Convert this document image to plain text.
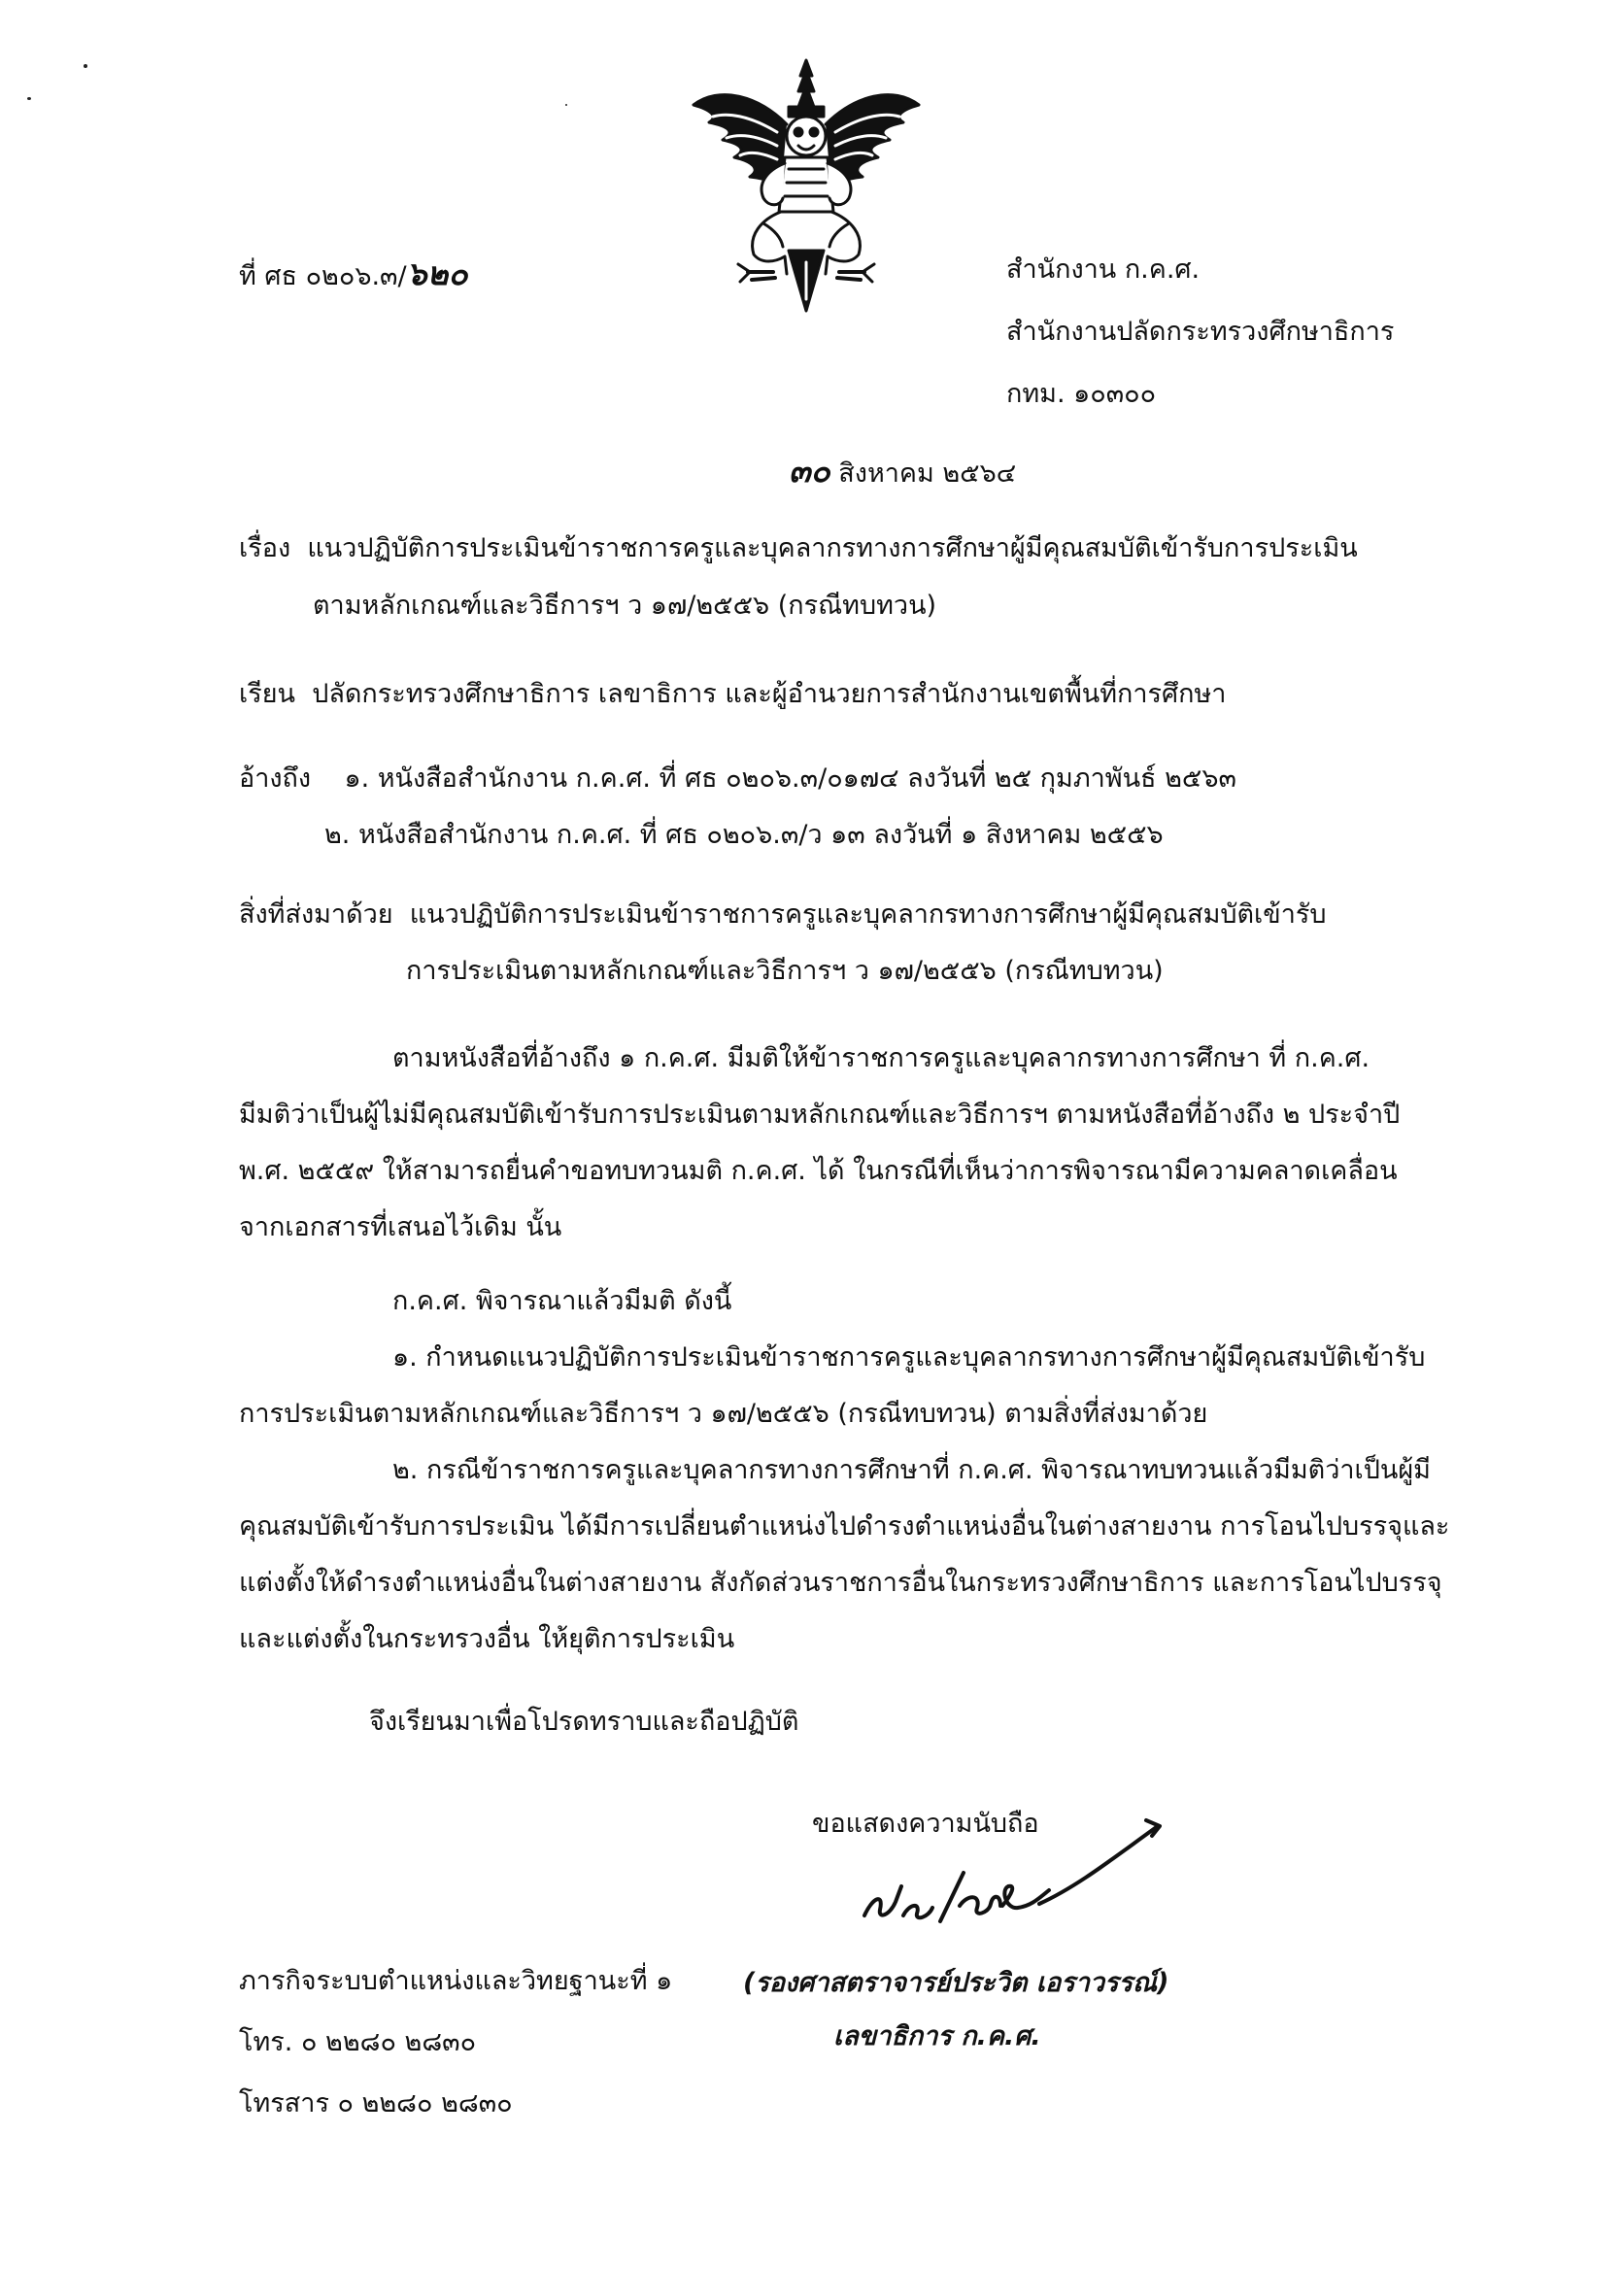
ที่ ศธ ๐๒๐๖.๓/๖๒๐	สำนักงาน ก.ค.ศ.
สำนักงานปลัดกระทรวงศึกษาธิการ
กทม. ๑๐๓๐๐
๓๐ สิงหาคม ๒๕๖๔
เรื่อง แนวปฏิบัติการประเมินข้าราชการครูและบุคลากรทางการศึกษาผู้มีคุณสมบัติเข้ารับการประเมิน
ตามหลักเกณฑ์และวิธีการฯ ว ๑๗/๒๕๕๖ (กรณีทบทวน)
เรียน ปลัดกระทรวงศึกษาธิการ เลขาธิการ และผู้อำนวยการสำนักงานเขตพื้นที่การศึกษา
อ้างถึง ๑. หนังสือสำนักงาน ก.ค.ศ. ที่ ศธ ๐๒๐๖.๓/๐๑๗๔ ลงวันที่ ๒๕ กุมภาพันธ์ ๒๕๖๓
๒. หนังสือสำนักงาน ก.ค.ศ. ที่ ศธ ๐๒๐๖.๓/ว ๑๓ ลงวันที่ ๑ สิงหาคม ๒๕๕๖
สิ่งที่ส่งมาด้วย แนวปฏิบัติการประเมินข้าราชการครูและบุคลากรทางการศึกษาผู้มีคุณสมบัติเข้ารับ
การประเมินตามหลักเกณฑ์และวิธีการฯ ว ๑๗/๒๕๕๖ (กรณีทบทวน)
ตามหนังสือที่อ้างถึง ๑ ก.ค.ศ. มีมติให้ข้าราชการครูและบุคลากรทางการศึกษา ที่ ก.ค.ศ.
มีมติว่าเป็นผู้ไม่มีคุณสมบัติเข้ารับการประเมินตามหลักเกณฑ์และวิธีการฯ ตามหนังสือที่อ้างถึง ๒ ประจำปี
พ.ศ. ๒๕๕๙ ให้สามารถยื่นคำขอทบทวนมติ ก.ค.ศ. ได้ ในกรณีที่เห็นว่าการพิจารณามีความคลาดเคลื่อน
จากเอกสารที่เสนอไว้เดิม นั้น
ก.ค.ศ. พิจารณาแล้วมีมติ ดังนี้
๑. กำหนดแนวปฏิบัติการประเมินข้าราชการครูและบุคลากรทางการศึกษาผู้มีคุณสมบัติเข้ารับ
การประเมินตามหลักเกณฑ์และวิธีการฯ ว ๑๗/๒๕๕๖ (กรณีทบทวน) ตามสิ่งที่ส่งมาด้วย
๒. กรณีข้าราชการครูและบุคลากรทางการศึกษาที่ ก.ค.ศ. พิจารณาทบทวนแล้วมีมติว่าเป็นผู้มี
คุณสมบัติเข้ารับการประเมิน ได้มีการเปลี่ยนตำแหน่งไปดำรงตำแหน่งอื่นในต่างสายงาน การโอนไปบรรจุและ
แต่งตั้งให้ดำรงตำแหน่งอื่นในต่างสายงาน สังกัดส่วนราชการอื่นในกระทรวงศึกษาธิการ และการโอนไปบรรจุ
และแต่งตั้งในกระทรวงอื่น ให้ยุติการประเมิน
จึงเรียนมาเพื่อโปรดทราบและถือปฏิบัติ
ขอแสดงความนับถือ
(รองศาสตราจารย์ประวิต เอราวรรณ์)
เลขาธิการ ก.ค.ศ.
ภารกิจระบบตำแหน่งและวิทยฐานะที่ ๑
โทร. ๐ ๒๒๘๐ ๒๘๓๐
โทรสาร ๐ ๒๒๘๐ ๒๘๓๐
